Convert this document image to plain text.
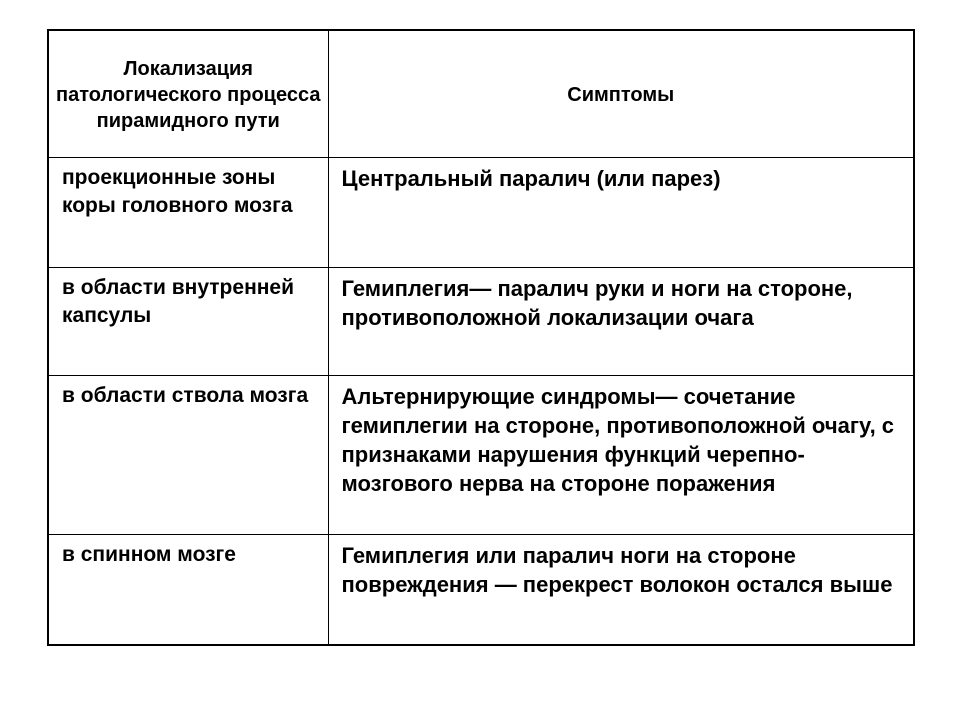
Локализация патологического процесса пирамидного пути	Симптомы
проекционные зоны коры головного мозга	Центральный паралич (или парез)
в области внутренней капсулы	Гемиплегия— паралич руки и ноги на стороне, противоположной локализации очага
в области ствола мозга	Альтернирующие синдромы— сочетание гемиплегии на стороне, противоположной очагу, с признаками нарушения функций черепно-мозгового нерва на стороне поражения
в спинном мозге	Гемиплегия или паралич ноги на стороне повреждения — перекрест волокон остался выше
